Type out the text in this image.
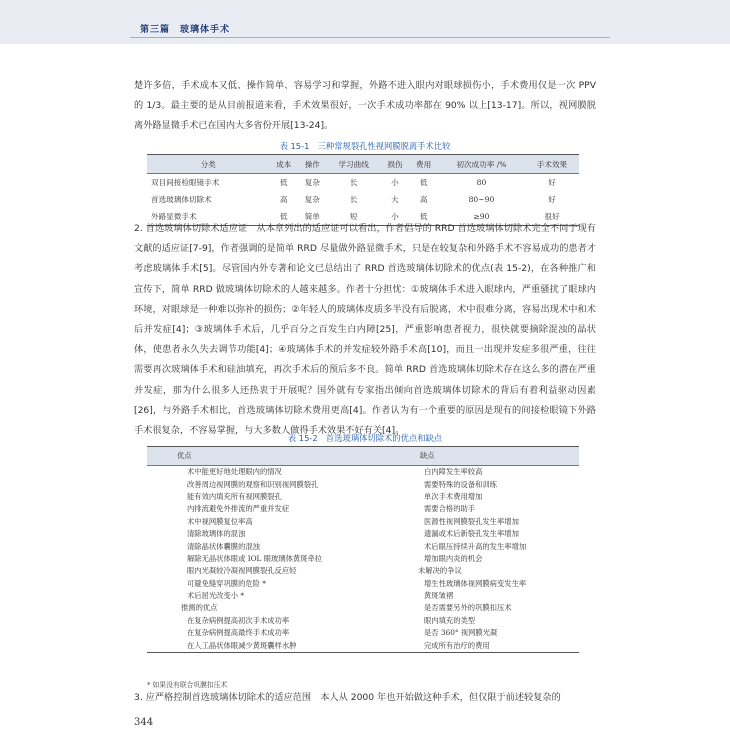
第三篇　玻璃体手术
楚许多倍，手术成本又低、操作简单、容易学习和掌握，外路不进入眼内对眼球损伤小，手术费用仅是一次 PPV 的 1/3。最主要的是从目前报道来看，手术效果很好，一次手术成功率都在 90% 以上[13-17]。所以，视网膜脱离外路显微手术已在国内大多省份开展[13-24]。
表 15-1　三种常规裂孔性视网膜脱离手术比较
分类	成本	操作	学习曲线	损伤	费用	初次成功率 /%	手术效果
双目间接检眼镜手术	低	复杂	长	小	低	80	好
首选玻璃体切除术	高	复杂	长	大	高	80~90	好
外路显微手术	低	简单	短	小	低	≥90	很好
2. 首选玻璃体切除术适应证　从本章列出的适应证可以看出，作者倡导的 RRD 首选玻璃体切除术完全不同于现有文献的适应证[7-9]，作者强调的是简单 RRD 尽量做外路显微手术，只是在较复杂和外路手术不容易成功的患者才考虑玻璃体手术[5]。尽管国内外专著和论文已总结出了 RRD 首选玻璃体切除术的优点(表 15-2)，在各种推广和宣传下，简单 RRD 做玻璃体切除术的人越来越多。作者十分担忧：①玻璃体手术进入眼球内，严重骚扰了眼球内环境，对眼球是一种难以弥补的损伤；②年轻人的玻璃体皮质多半没有后脱离，术中很难分离，容易出现术中和术后并发症[4]；③玻璃体手术后，几乎百分之百发生白内障[25]，严重影响患者视力，很快就要摘除混浊的晶状体，使患者永久失去调节功能[4]；④玻璃体手术的并发症较外路手术高[10]，而且一出现并发症多很严重，往往需要再次玻璃体手术和硅油填充，再次手术后的预后多不良。简单 RRD 首选玻璃体切除术存在这么多的潜在严重并发症，那为什么很多人还热衷于开展呢？国外就有专家指出倾向首选玻璃体切除术的背后有着利益驱动因素[26]，与外路手术相比，首选玻璃体切除术费用更高[4]。作者认为有一个重要的原因是现有的间接检眼镜下外路手术很复杂，不容易掌握，与大多数人做得手术效果不好有关[4]。
表 15-2　首选玻璃体切除术的优点和缺点
优点	缺点
术中能更好地处理眼内的情况	白内障发生率较高
改善周边视网膜的观察和识别视网膜裂孔	需要特殊的设备和训练
能有效内填充所有视网膜裂孔	单次手术费用增加
内排流避免外排流的严重并发症	需要合格的助手
术中视网膜复位率高	医源性视网膜裂孔发生率增加
清除玻璃体的混浊	遗漏或术后新裂孔发生率增加
清除晶状体囊膜的混浊	术后眼压持续升高的发生率增加
解除无晶状体眼或 IOL 眼玻璃体黄斑牵拉	增加眼内炎的机会
眼内光凝较冷凝视网膜裂孔反应轻	未解决的争议
可避免缝穿巩膜的危险 *	增生性玻璃体视网膜病变发生率
术后屈光改变小 *	黄斑皱褶
推测的优点	是否需要另外的巩膜扣压术
在复杂病例提高初次手术成功率	眼内填充的类型
在复杂病例提高最终手术成功率	是否 360° 视网膜光凝
在人工晶状体眼减少黄斑囊样水肿	完成所有治疗的费用
* 如果没有联合巩膜扣压术
3. 应严格控制首选玻璃体切除术的适应范围　本人从 2000 年也开始做这种手术，但仅限于前述较复杂的
344
